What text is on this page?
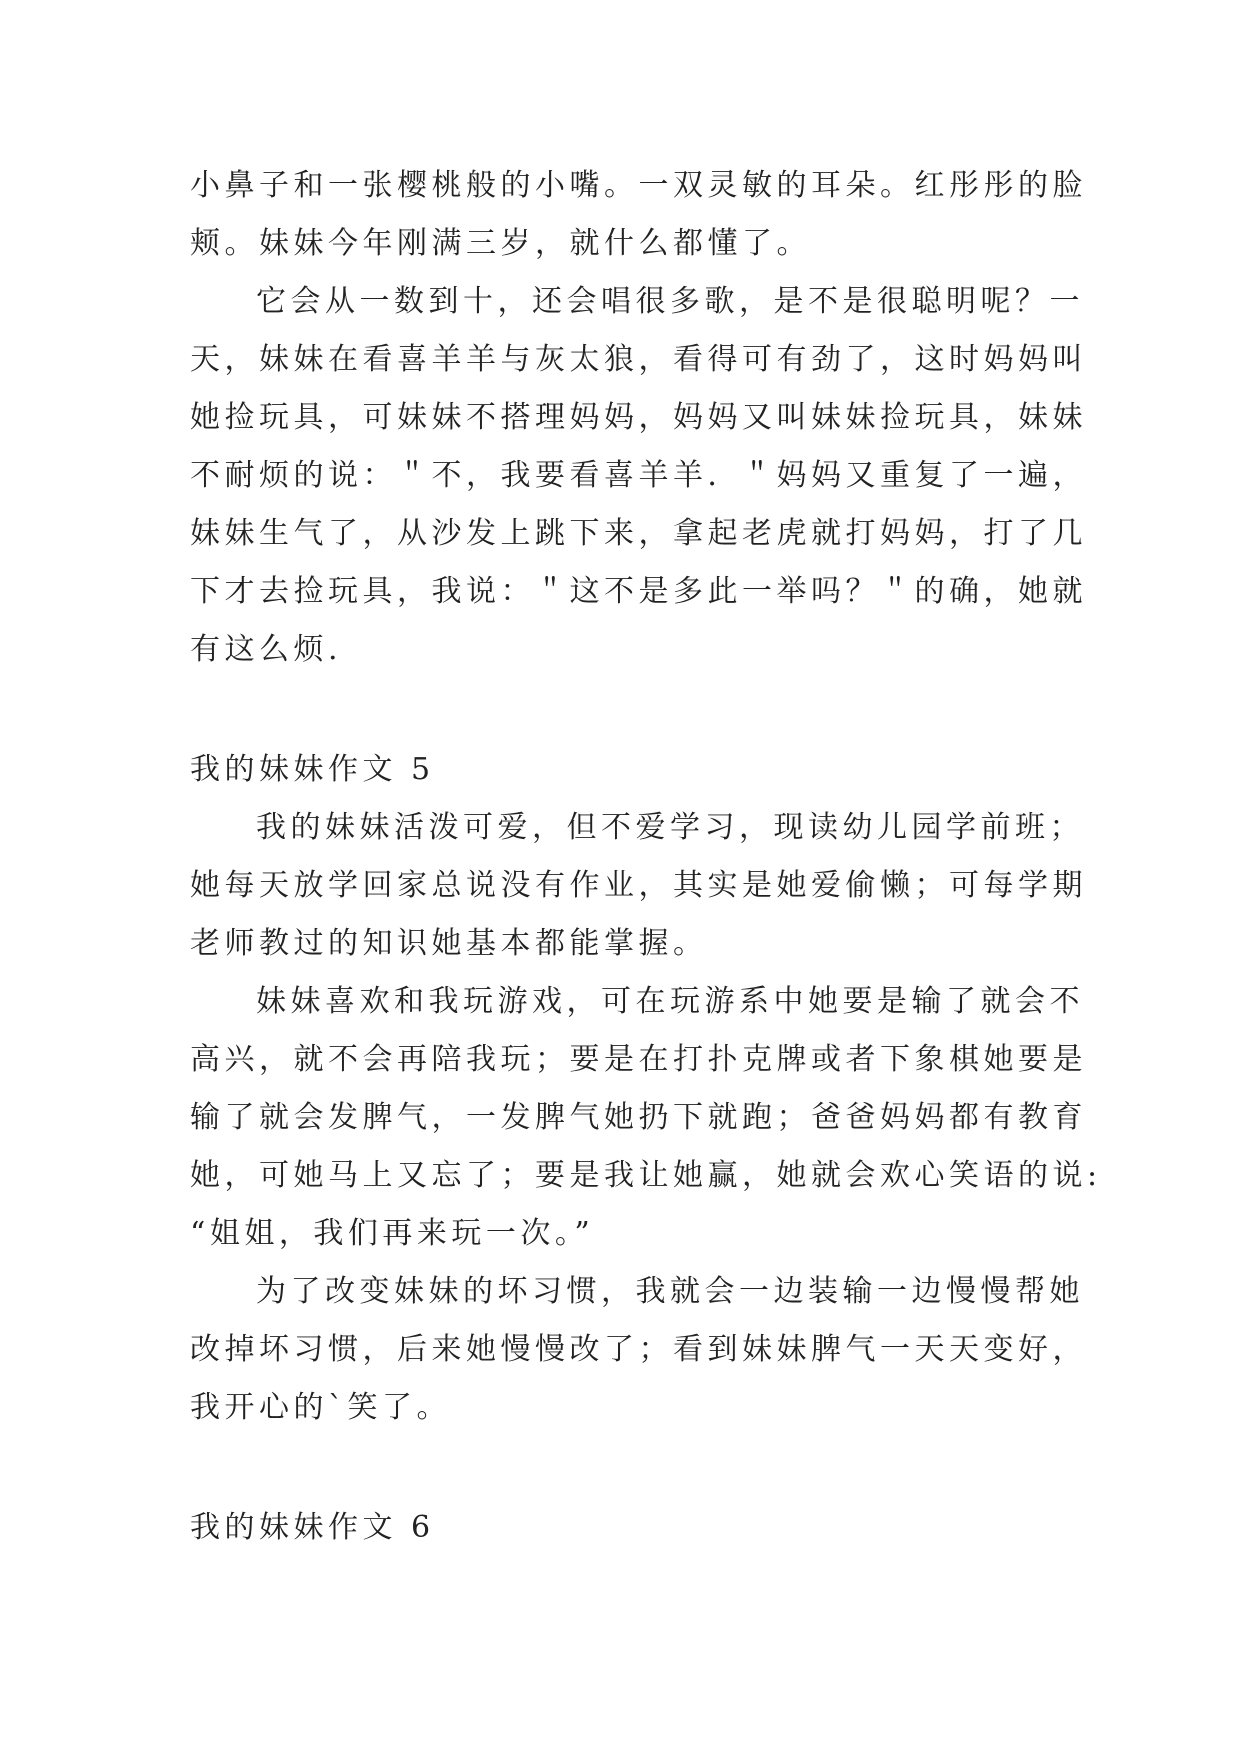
小鼻子和一张樱桃般的小嘴。一双灵敏的耳朵。红彤彤的脸
颊。妹妹今年刚满三岁，就什么都懂了。
它会从一数到十，还会唱很多歌，是不是很聪明呢？一
天，妹妹在看喜羊羊与灰太狼，看得可有劲了，这时妈妈叫
她捡玩具，可妹妹不搭理妈妈，妈妈又叫妹妹捡玩具，妹妹
不耐烦的说：＂不，我要看喜羊羊．＂妈妈又重复了一遍，
妹妹生气了，从沙发上跳下来，拿起老虎就打妈妈，打了几
下才去捡玩具，我说：＂这不是多此一举吗？＂的确，她就
有这么烦.
我的妹妹作文 5
我的妹妹活泼可爱，但不爱学习，现读幼儿园学前班；
她每天放学回家总说没有作业，其实是她爱偷懒；可每学期
老师教过的知识她基本都能掌握。
妹妹喜欢和我玩游戏，可在玩游系中她要是输了就会不
高兴，就不会再陪我玩；要是在打扑克牌或者下象棋她要是
输了就会发脾气，一发脾气她扔下就跑；爸爸妈妈都有教育
她，可她马上又忘了；要是我让她赢，她就会欢心笑语的说:
“姐姐，我们再来玩一次。”
为了改变妹妹的坏习惯，我就会一边装输一边慢慢帮她
改掉坏习惯，后来她慢慢改了；看到妹妹脾气一天天变好，
我开心的`笑了。
我的妹妹作文 6
